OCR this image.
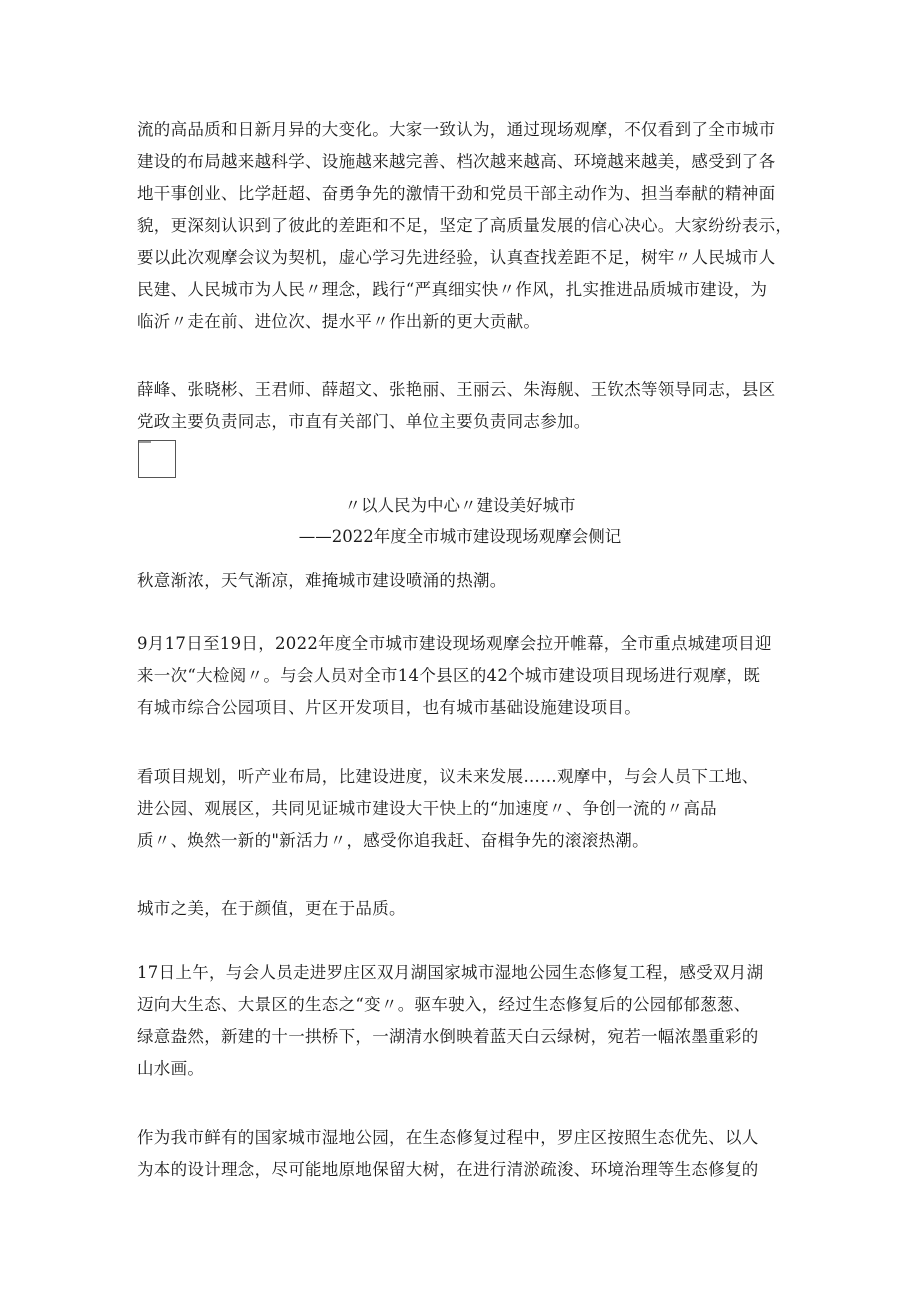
流的高品质和日新月异的大变化。大家一致认为，通过现场观摩，不仅看到了全市城市
建设的布局越来越科学、设施越来越完善、档次越来越高、环境越来越美，感受到了各
地干事创业、比学赶超、奋勇争先的激情干劲和党员干部主动作为、担当奉献的精神面
貌，更深刻认识到了彼此的差距和不足，坚定了高质量发展的信心决心。大家纷纷表示，
要以此次观摩会议为契机，虚心学习先进经验，认真查找差距不足，树牢〃人民城市人
民建、人民城市为人民〃理念，践行“严真细实快〃作风，扎实推进品质城市建设，为
临沂〃走在前、进位次、提水平〃作出新的更大贡献。
薛峰、张晓彬、王君师、薛超文、张艳丽、王丽云、朱海舰、王钦杰等领导同志，县区
党政主要负责同志，市直有关部门、单位主要负责同志参加。
〃以人民为中心〃建设美好城市
——2022年度全市城市建设现场观摩会侧记
秋意渐浓，天气渐凉，难掩城市建设喷涌的热潮。
9月17日至19日，2022年度全市城市建设现场观摩会拉开帷幕，全市重点城建项目迎
来一次“大检阅〃。与会人员对全市14个县区的42个城市建设项目现场进行观摩，既
有城市综合公园项目、片区开发项目，也有城市基础设施建设项目。
看项目规划，听产业布局，比建设进度，议未来发展……观摩中，与会人员下工地、
进公园、观展区，共同见证城市建设大干快上的“加速度〃、争创一流的〃高品
质〃、焕然一新的"新活力〃，感受你追我赶、奋楫争先的滚滚热潮。
城市之美，在于颜值，更在于品质。
17日上午，与会人员走进罗庄区双月湖国家城市湿地公园生态修复工程，感受双月湖
迈向大生态、大景区的生态之“变〃。驱车驶入，经过生态修复后的公园郁郁葱葱、
绿意盎然，新建的十一拱桥下，一湖清水倒映着蓝天白云绿树，宛若一幅浓墨重彩的
山水画。
作为我市鲜有的国家城市湿地公园，在生态修复过程中，罗庄区按照生态优先、以人
为本的设计理念，尽可能地原地保留大树，在进行清淤疏浚、环境治理等生态修复的
